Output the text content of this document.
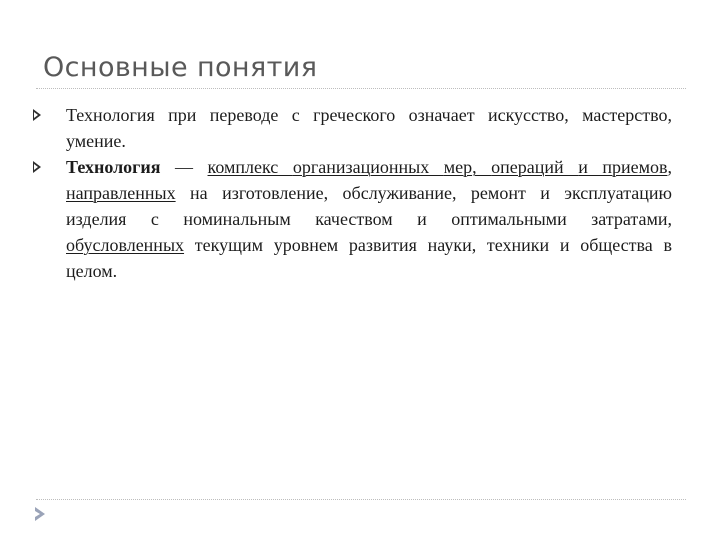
Основные понятия
Технология при переводе с греческого означает искусство, мастерство, умение.
Технология — комплекс организационных мер, операций и приемов, направленных на изготовление, обслуживание, ремонт и эксплуатацию изделия с номинальным качеством и оптимальными затратами, обусловленных текущим уровнем развития науки, техники и общества в целом.
